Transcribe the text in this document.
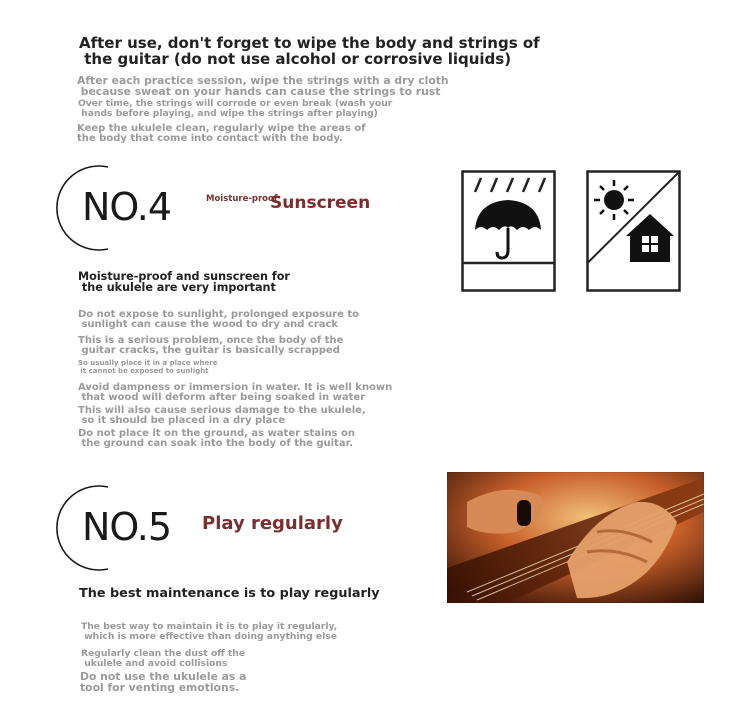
After use, don't forget to wipe the body and strings of
the guitar (do not use alcohol or corrosive liquids)
After each practice session, wipe the strings with a dry cloth
because sweat on your hands can cause the strings to rust
Over time, the strings will corrode or even break (wash your
hands before playing, and wipe the strings after playing)
Keep the ukulele clean, regularly wipe the areas of
the body that come into contact with the body.
NO.4	Moisture-proof
Sunscreen
Moisture-proof and sunscreen for
the ukulele are very important
Do not expose to sunlight, prolonged exposure to
sunlight can cause the wood to dry and crack
This is a serious problem, once the body of the
guitar cracks, the guitar is basically scrapped
So usually place it in a place where
it cannot be exposed to sunlight
Avoid dampness or immersion in water. It is well known
that wood will deform after being soaked in water
This will also cause serious damage to the ukulele,
so it should be placed in a dry place
Do not place it on the ground, as water stains on
the ground can soak into the body of the guitar.
NO.5 Play regularly
The best maintenance is to play regularly
The best way to maintain it is to play it regularly,
which is more effective than doing anything else
Regularly clean the dust off the
ukulele and avoid collisions
Do not use the ukulele as a
tool for venting emotions.
